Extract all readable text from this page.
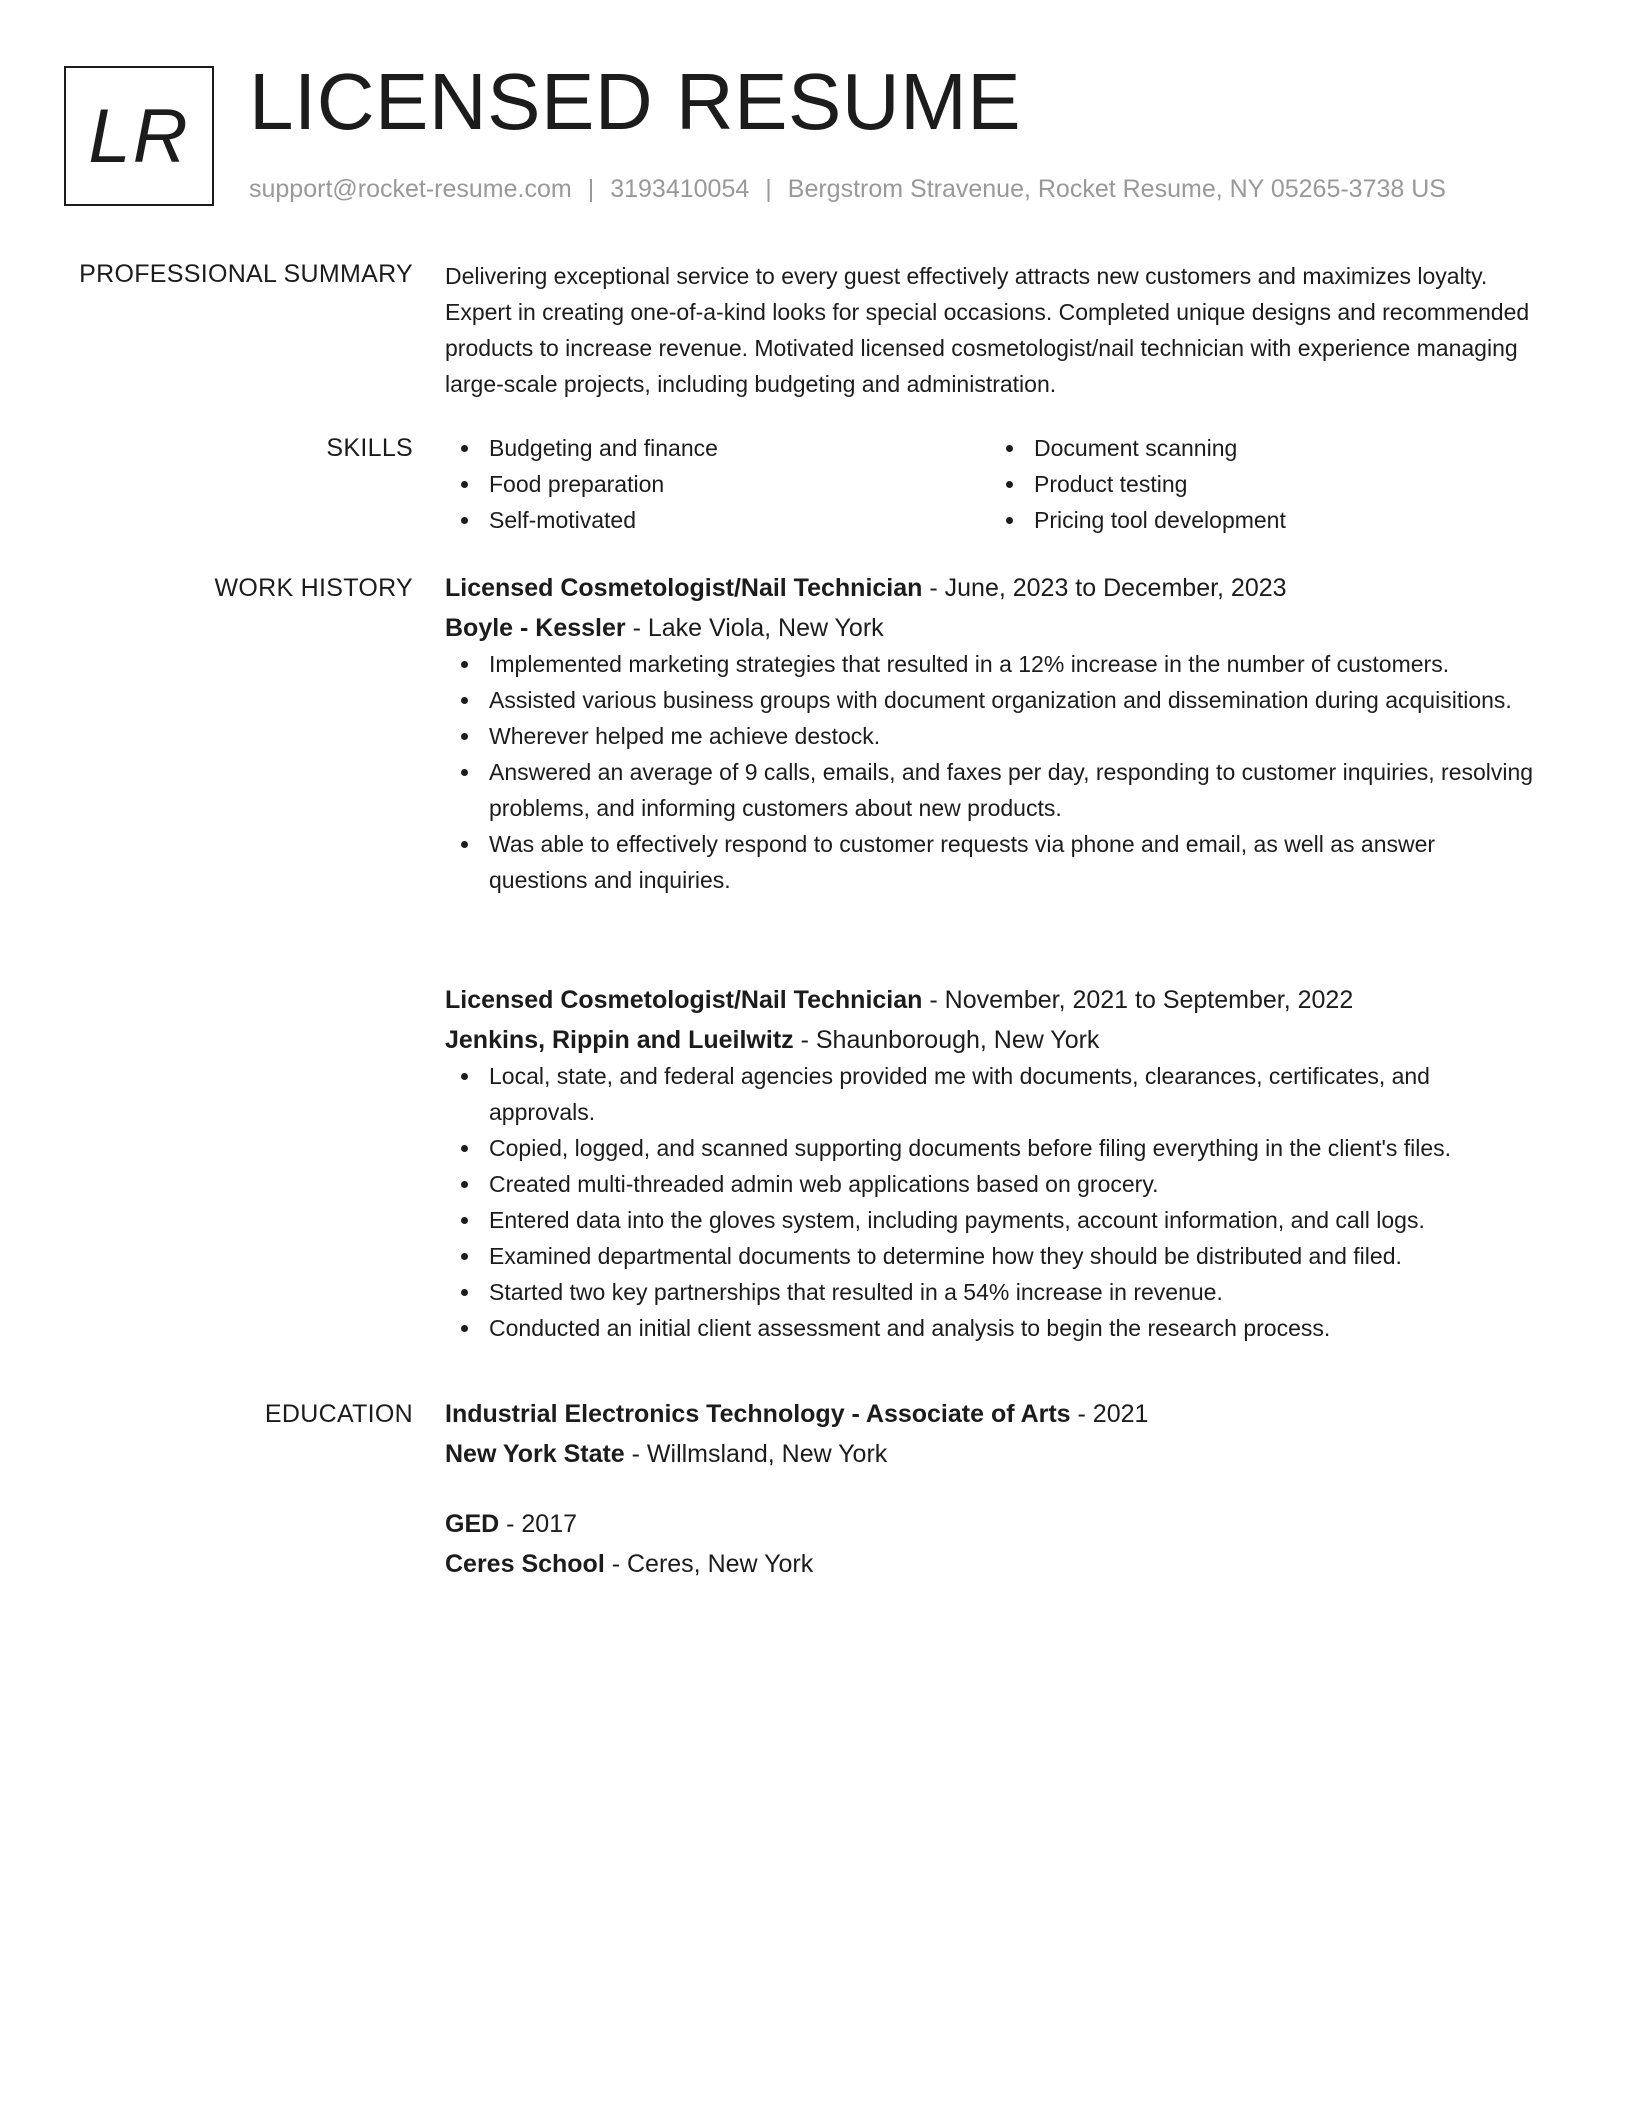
LR LICENSED RESUME
support@rocket-resume.com | 3193410054 | Bergstrom Stravenue, Rocket Resume, NY 05265-3738 US
PROFESSIONAL SUMMARY Delivering exceptional service to every guest effectively attracts new customers and maximizes loyalty. Expert in creating one-of-a-kind looks for special occasions. Completed unique designs and recommended products to increase revenue. Motivated licensed cosmetologist/nail technician with experience managing large-scale projects, including budgeting and administration.

SKILLS	Budgeting and finance
Food preparation
Self-motivated
Document scanning
Product testing
Pricing tool development
WORK HISTORY Licensed Cosmetologist/Nail Technician - June, 2023 to December, 2023

Boyle - Kessler - Lake Viola, New York

Implemented marketing strategies that resulted in a 12% increase in the number of customers.
Assisted various business groups with document organization and dissemination during acquisitions.
Wherever helped me achieve destock.
Answered an average of 9 calls, emails, and faxes per day, responding to customer inquiries, resolving problems, and informing customers about new products.
Was able to effectively respond to customer requests via phone and email, as well as answer questions and inquiries.

Licensed Cosmetologist/Nail Technician - November, 2021 to September, 2022

Jenkins, Rippin and Lueilwitz - Shaunborough, New York

Local, state, and federal agencies provided me with documents, clearances, certificates, and approvals.
Copied, logged, and scanned supporting documents before filing everything in the client's files.
Created multi-threaded admin web applications based on grocery.
Entered data into the gloves system, including payments, account information, and call logs.
Examined departmental documents to determine how they should be distributed and filed.
Started two key partnerships that resulted in a 54% increase in revenue.
Conducted an initial client assessment and analysis to begin the research process.
EDUCATION Industrial Electronics Technology - Associate of Arts - 2021

New York State - Willmsland, New York

GED - 2017

Ceres School - Ceres, New York
